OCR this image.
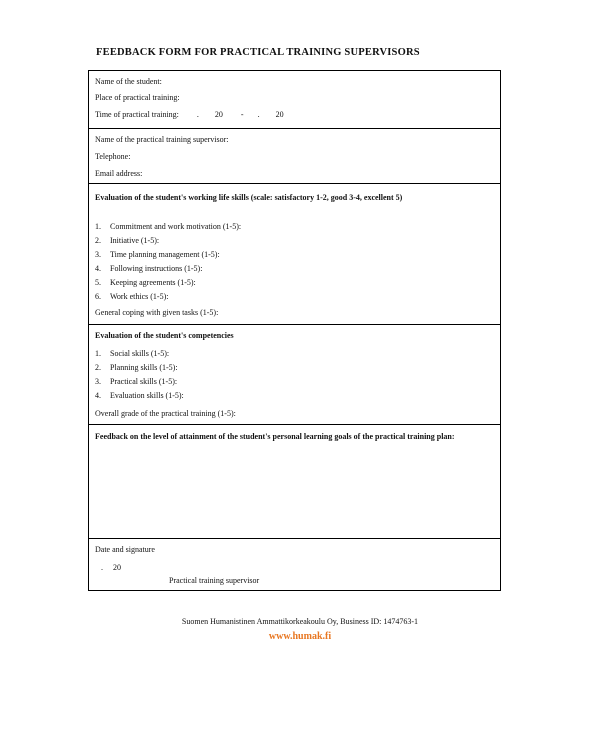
FEEDBACK FORM FOR PRACTICAL TRAINING SUPERVISORS
Name of the student:
Place of practical training:
Time of practical training: . 20 - . 20
Name of the practical training supervisor:
Telephone:
Email address:
Evaluation of the student's working life skills (scale: satisfactory 1-2, good 3-4, excellent 5)
1. Commitment and work motivation (1-5):
2. Initiative (1-5):
3. Time planning management (1-5):
4. Following instructions (1-5):
5. Keeping agreements (1-5):
6. Work ethics (1-5):
General coping with given tasks (1-5):
Evaluation of the student's competencies
1. Social skills (1-5):
2. Planning skills (1-5):
3. Practical skills (1-5):
4. Evaluation skills (1-5):
Overall grade of the practical training (1-5):
Feedback on the level of attainment of the student's personal learning goals of the practical training plan:
Date and signature
. 20
Practical training supervisor
Suomen Humanistinen Ammattikorkeakoulu Oy, Business ID: 1474763-1
www.humak.fi
